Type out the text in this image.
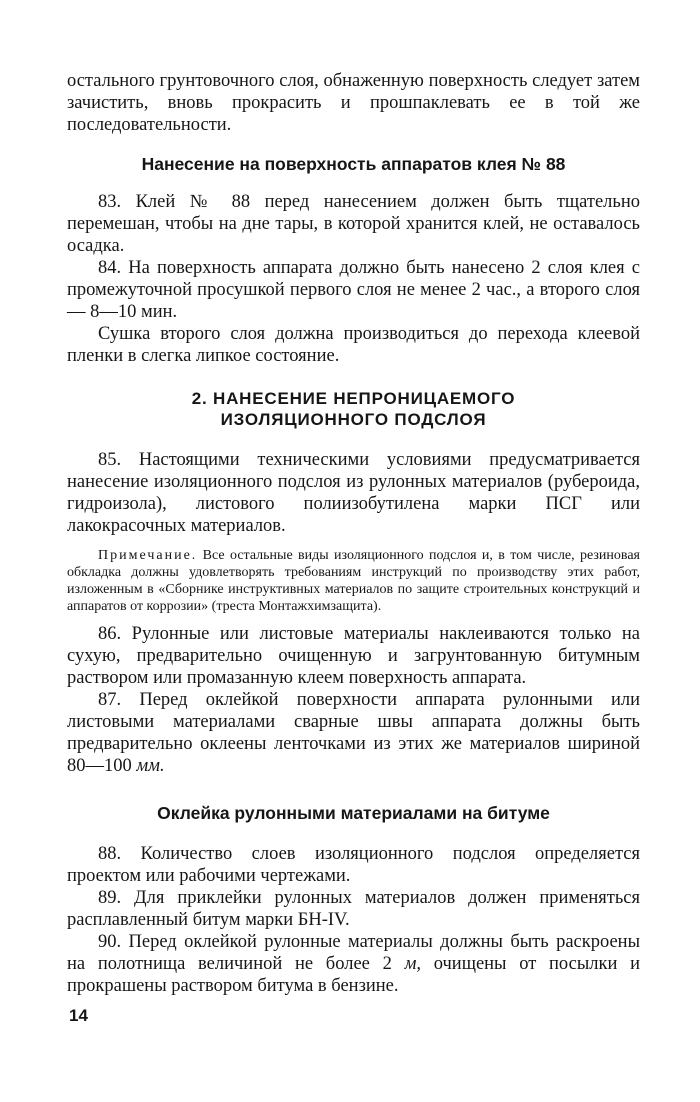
остального грунтовочного слоя, обнаженную поверхность следует затем зачистить, вновь прокрасить и прошпаклевать ее в той же последовательности.

Нанесение на поверхность аппаратов клея № 88

83. Клей № 88 перед нанесением должен быть тщательно перемешан, чтобы на дне тары, в которой хранится клей, не оставалось осадка.

84. На поверхность аппарата должно быть нанесено 2 слоя клея с промежуточной просушкой первого слоя не менее 2 час., а второго слоя — 8—10 мин.

Сушка второго слоя должна производиться до перехода клеевой пленки в слегка липкое состояние.

2. НАНЕСЕНИЕ НЕПРОНИЦАЕМОГО
ИЗОЛЯЦИОННОГО ПОДСЛОЯ

85. Настоящими техническими условиями предусматривается нанесение изоляционного подслоя из рулонных материалов (рубероида, гидроизола), листового полиизобутилена марки ПСГ или лакокрасочных материалов.

Примечание. Все остальные виды изоляционного подслоя и, в том числе, резиновая обкладка должны удовлетворять требованиям инструкций по производству этих работ, изложенным в «Сборнике инструктивных материалов по защите строительных конструкций и аппаратов от коррозии» (треста Монтажхимзащита).

86. Рулонные или листовые материалы наклеиваются только на сухую, предварительно очищенную и загрунтованную битумным раствором или промазанную клеем поверхность аппарата.

87. Перед оклейкой поверхности аппарата рулонными или листовыми материалами сварные швы аппарата должны быть предварительно оклеены ленточками из этих же материалов шириной 80—100 мм.

Оклейка рулонными материалами на битуме

88. Количество слоев изоляционного подслоя определяется проектом или рабочими чертежами.

89. Для приклейки рулонных материалов должен применяться расплавленный битум марки БН-IV.

90. Перед оклейкой рулонные материалы должны быть раскроены на полотнища величиной не более 2 м, очищены от посылки и прокрашены раствором битума в бензине.

14
